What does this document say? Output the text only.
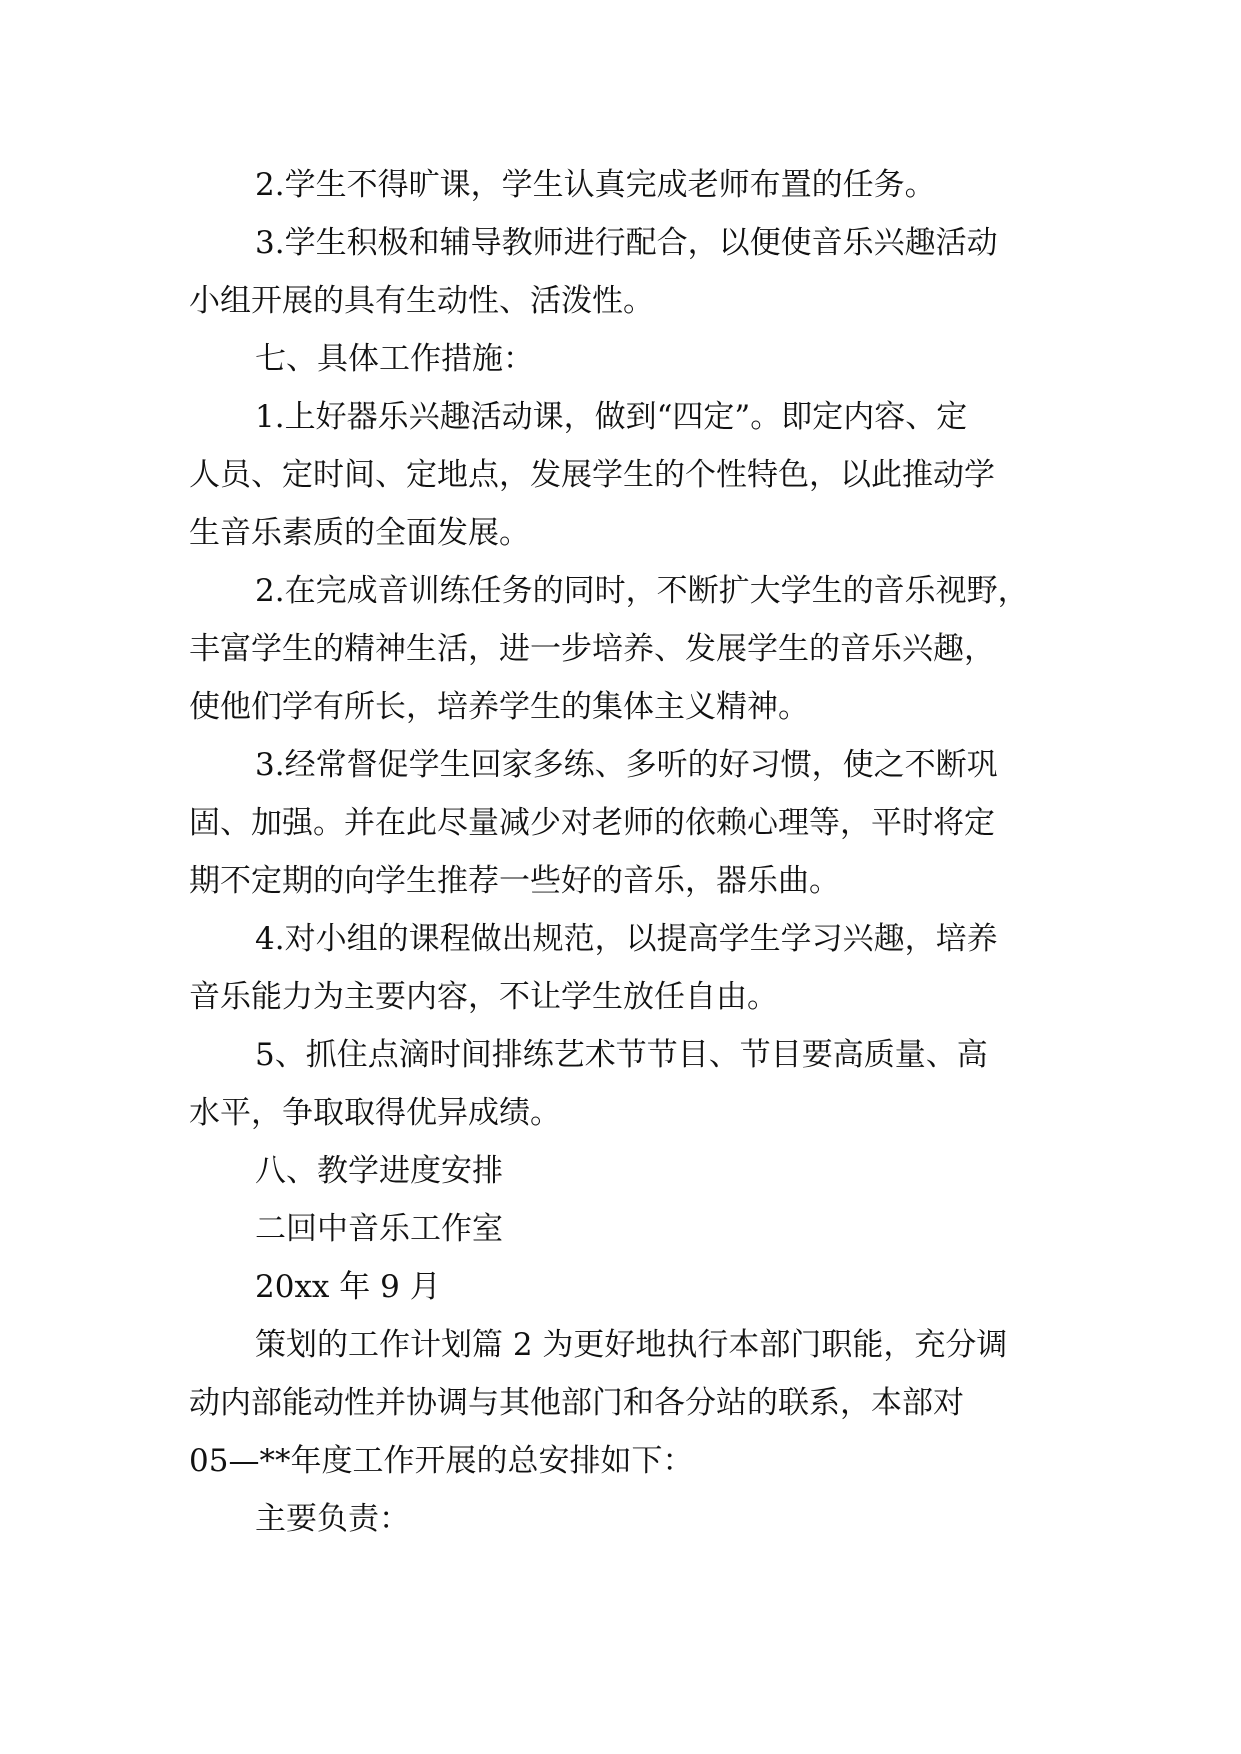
2.学生不得旷课，学生认真完成老师布置的任务。
3.学生积极和辅导教师进行配合，以便使音乐兴趣活动
小组开展的具有生动性、活泼性。
七、具体工作措施：
1.上好器乐兴趣活动课，做到“四定”。即定内容、定
人员、定时间、定地点，发展学生的个性特色，以此推动学
生音乐素质的全面发展。
2.在完成音训练任务的同时，不断扩大学生的音乐视野，
丰富学生的精神生活，进一步培养、发展学生的音乐兴趣，
使他们学有所长，培养学生的集体主义精神。
3.经常督促学生回家多练、多听的好习惯，使之不断巩
固、加强。并在此尽量减少对老师的依赖心理等，平时将定
期不定期的向学生推荐一些好的音乐，器乐曲。
4.对小组的课程做出规范，以提高学生学习兴趣，培养
音乐能力为主要内容，不让学生放任自由。
5、抓住点滴时间排练艺术节节目、节目要高质量、高
水平，争取取得优异成绩。
八、教学进度安排
二回中音乐工作室
20xx 年 9 月
策划的工作计划篇 2 为更好地执行本部门职能，充分调
动内部能动性并协调与其他部门和各分站的联系，本部对
05—**年度工作开展的总安排如下：
主要负责：
